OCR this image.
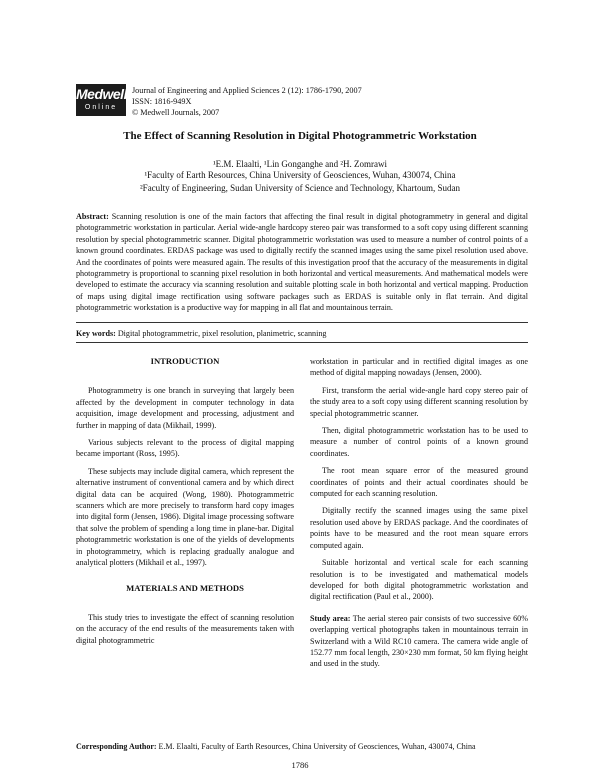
Medwell
Online
Journal of Engineering and Applied Sciences 2 (12): 1786-1790, 2007
ISSN: 1816-949X
© Medwell Journals, 2007
The Effect of Scanning Resolution in Digital Photogrammetric Workstation
¹E.M. Elaalti, ¹Lin Gonganghe and ²H. Zomrawi
¹Faculty of Earth Resources, China University of Geosciences, Wuhan, 430074, China
²Faculty of Engineering, Sudan University of Science and Technology, Khartoum, Sudan
Abstract: Scanning resolution is one of the main factors that affecting the final result in digital photogrammetry in general and digital photogrammetric workstation in particular. Aerial wide-angle hardcopy stereo pair was transformed to a soft copy using different scanning resolution by special photogrammetric scanner. Digital photogrammetric workstation was used to measure a number of control points of a known ground coordinates. ERDAS package was used to digitally rectify the scanned images using the same pixel resolution used above. And the coordinates of points were measured again. The results of this investigation proof that the accuracy of the measurements in digital photogrammetry is proportional to scanning pixel resolution in both horizontal and vertical measurements. And mathematical models were developed to estimate the accuracy via scanning resolution and suitable plotting scale in both horizontal and vertical mapping. Production of maps using digital image rectification using software packages such as ERDAS is suitable only in flat terrain. And digital photogrammetric workstation is a productive way for mapping in all flat and mountainous terrain.
Key words: Digital photogrammetric, pixel resolution, planimetric, scanning
INTRODUCTION

Photogrammetry is one branch in surveying that largely been affected by the development in computer technology in data acquisition, image development and processing, adjustment and further in mapping of data (Mikhail, 1999).

Various subjects relevant to the process of digital mapping became important (Ross, 1995).

These subjects may include digital camera, which represent the alternative instrument of conventional camera and by which direct digital data can be acquired (Wong, 1980). Photogrammetric scanners which are more precisely to transform hard copy images into digital form (Jensen, 1986). Digital image processing software that solve the problem of spending a long time in plane-bar. Digital photogrammetric workstation is one of the yields of developments in photogrammetry, which is replacing gradually analogue and analytical plotters (Mikhail et al., 1997).

MATERIALS AND METHODS

This study tries to investigate the effect of scanning resolution on the accuracy of the end results of the measurements taken with digital photogrammetric

workstation in particular and in rectified digital images as one method of digital mapping nowadays (Jensen, 2000).

First, transform the aerial wide-angle hard copy stereo pair of the study area to a soft copy using different scanning resolution by special photogrammetric scanner.

Then, digital photogrammetric workstation has to be used to measure a number of control points of a known ground coordinates.

The root mean square error of the measured ground coordinates of points and their actual coordinates should be computed for each scanning resolution.

Digitally rectify the scanned images using the same pixel resolution used above by ERDAS package. And the coordinates of points have to be measured and the root mean square errors computed again.

Suitable horizontal and vertical scale for each scanning resolution is to be investigated and mathematical models developed for both digital photogrammetric workstation and digital rectification (Paul et al., 2000).

Study area: The aerial stereo pair consists of two successive 60% overlapping vertical photographs taken in mountainous terrain in Switzerland with a Wild RC10 camera. The camera wide angle of 152.77 mm focal length, 230×230 mm format, 50 km flying height and used in the study.

Corresponding Author: E.M. Elaalti, Faculty of Earth Resources, China University of Geosciences, Wuhan, 430074, China
1786
